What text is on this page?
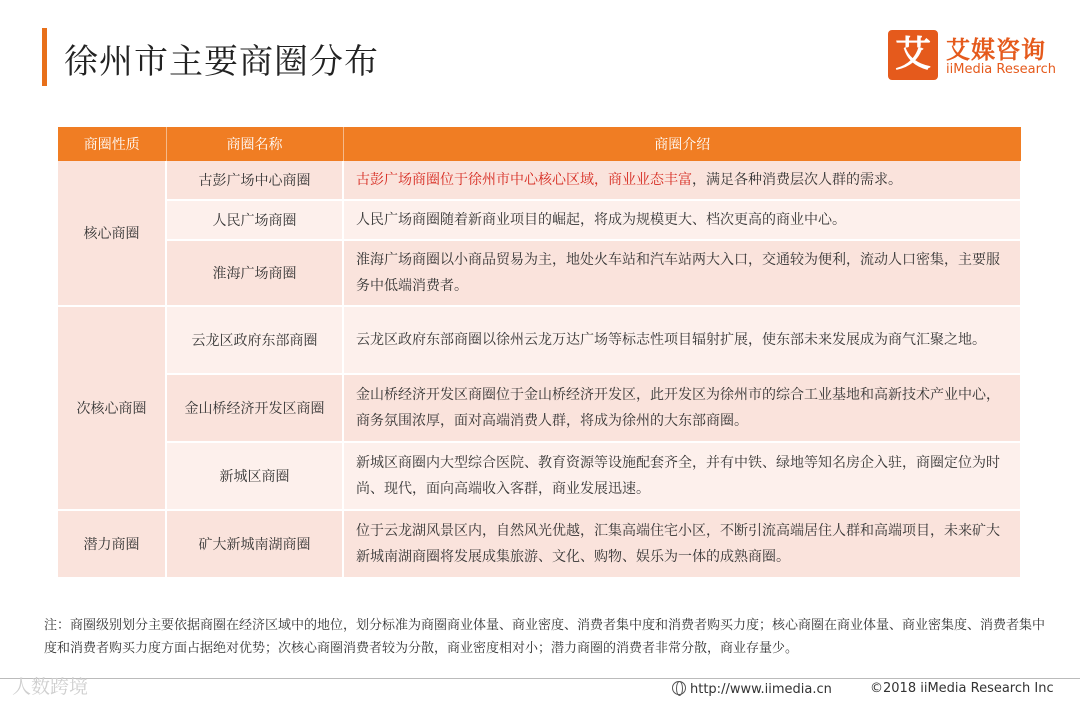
徐州市主要商圈分布	艾 艾媒咨询
iiMedia Research
商圈性质	商圈名称	商圈介绍
核心商圈	古彭广场中心商圈	古彭广场商圈位于徐州市中心核心区域，商业业态丰富，满足各种消费层次人群的需求。
	人民广场商圈	人民广场商圈随着新商业项目的崛起，将成为规模更大、档次更高的商业中心。
	淮海广场商圈	淮海广场商圈以小商品贸易为主，地处火车站和汽车站两大入口，交通较为便利，流动人口密集，主要服务中低端消费者。
次核心商圈	云龙区政府东部商圈	云龙区政府东部商圈以徐州云龙万达广场等标志性项目辐射扩展，使东部未来发展成为商气汇聚之地。
	金山桥经济开发区商圈	金山桥经济开发区商圈位于金山桥经济开发区，此开发区为徐州市的综合工业基地和高新技术产业中心，商务氛围浓厚，面对高端消费人群，将成为徐州的大东部商圈。
	新城区商圈	新城区商圈内大型综合医院、教育资源等设施配套齐全，并有中铁、绿地等知名房企入驻，商圈定位为时尚、现代，面向高端收入客群，商业发展迅速。
潜力商圈	矿大新城南湖商圈	位于云龙湖风景区内，自然风光优越，汇集高端住宅小区，不断引流高端居住人群和高端项目，未来矿大新城南湖商圈将发展成集旅游、文化、购物、娱乐为一体的成熟商圈。
注：商圈级别划分主要依据商圈在经济区域中的地位，划分标准为商圈商业体量、商业密度、消费者集中度和消费者购买力度；核心商圈在商业体量、商业密集度、消费者集中度和消费者购买力度方面占据绝对优势；次核心商圈消费者较为分散，商业密度相对小；潜力商圈的消费者非常分散，商业存量少。
人数跨境	http://www.iimedia.cn	©2018 iiMedia Research Inc
